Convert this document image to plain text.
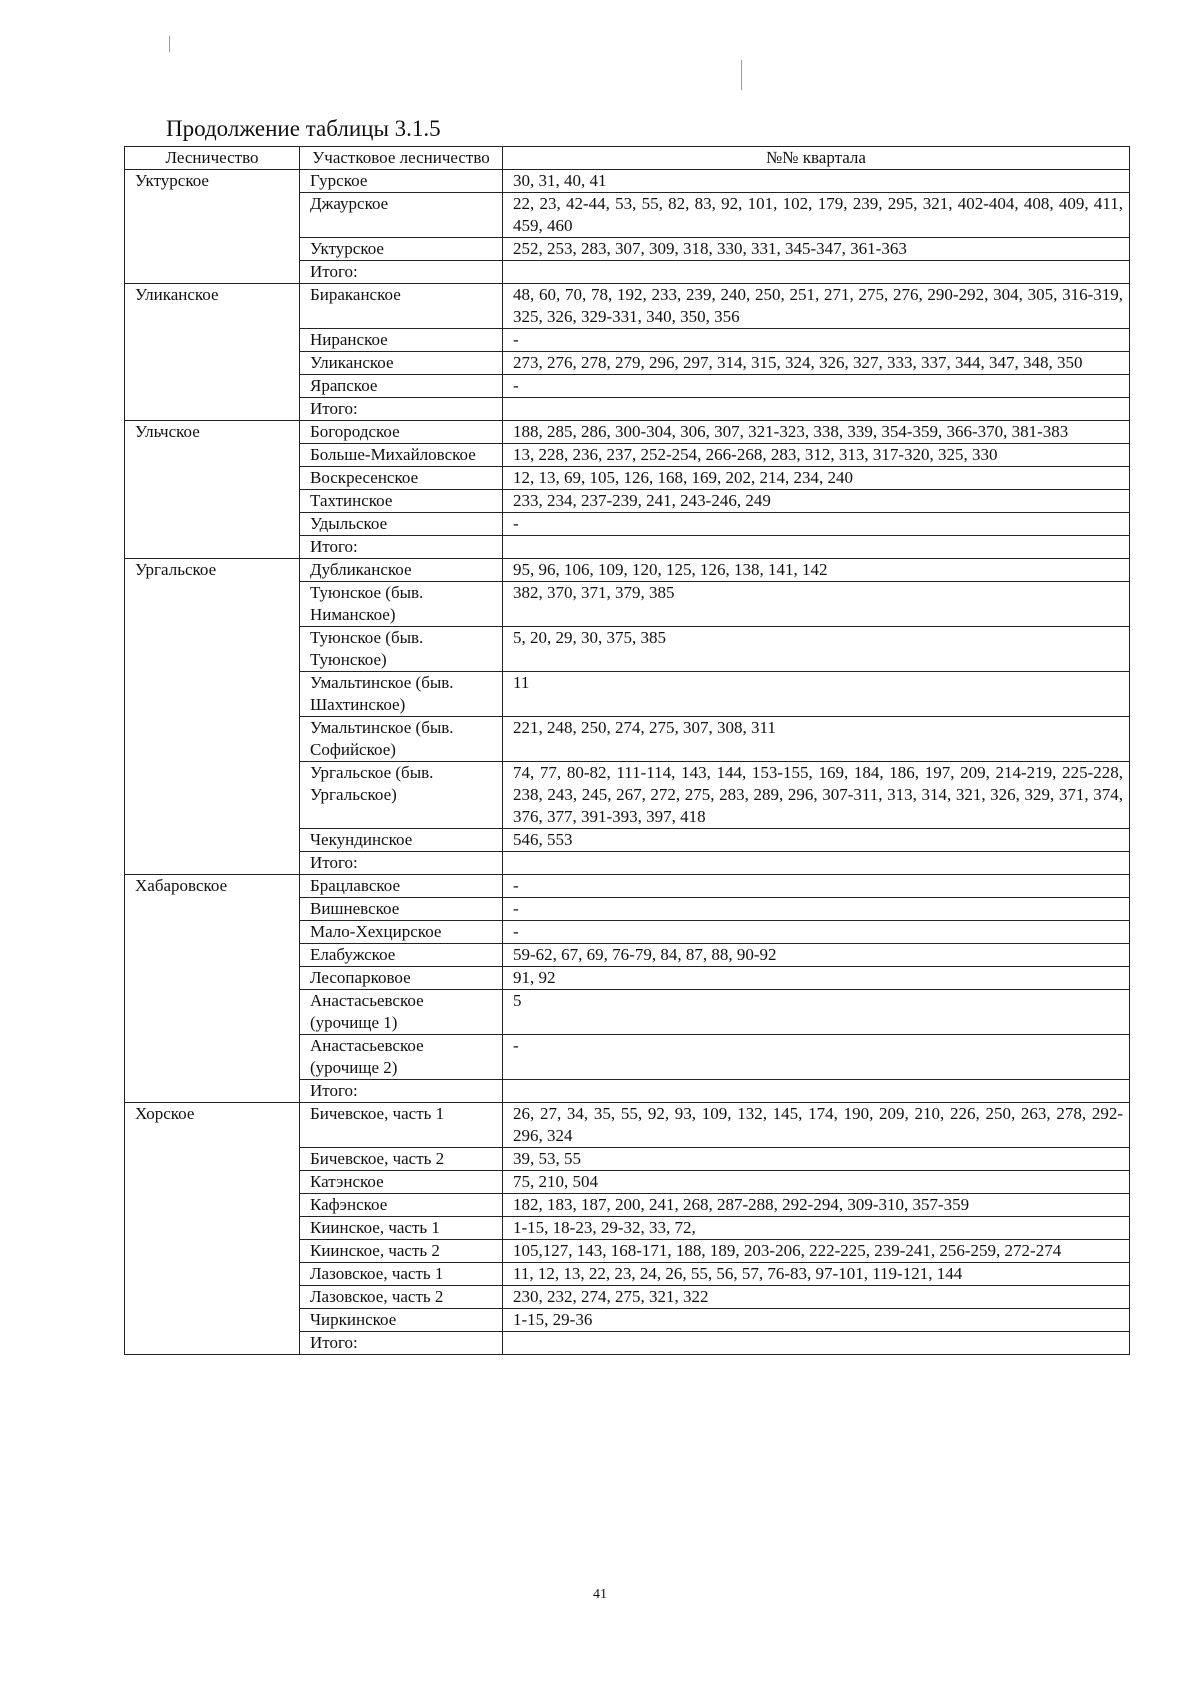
Продолжение таблицы 3.1.5
Лесничество	Участковое лесничество	№№ квартала
Уктурское	Гурское	30, 31, 40, 41
	Джаурское	22, 23, 42-44, 53, 55, 82, 83, 92, 101, 102, 179, 239, 295, 321, 402-404, 408, 409, 411, 459, 460
	Уктурское	252, 253, 283, 307, 309, 318, 330, 331, 345-347, 361-363
	Итого:	
Уликанское	Бираканское	48, 60, 70, 78, 192, 233, 239, 240, 250, 251, 271, 275, 276, 290-292, 304, 305, 316-319, 325, 326, 329-331, 340, 350, 356
	Ниранское	-
	Уликанское	273, 276, 278, 279, 296, 297, 314, 315, 324, 326, 327, 333, 337, 344, 347, 348, 350
	Ярапское	-
	Итого:	
Ульчское	Богородское	188, 285, 286, 300-304, 306, 307, 321-323, 338, 339, 354-359, 366-370, 381-383
	Больше-Михайловское	13, 228, 236, 237, 252-254, 266-268, 283, 312, 313, 317-320, 325, 330
	Воскресенское	12, 13, 69, 105, 126, 168, 169, 202, 214, 234, 240
	Тахтинское	233, 234, 237-239, 241, 243-246, 249
	Удыльское	-
	Итого:	
Ургальское	Дубликанское	95, 96, 106, 109, 120, 125, 126, 138, 141, 142
	Туюнское (быв. Ниманское)	382, 370, 371, 379, 385
	Туюнское (быв. Туюнское)	5, 20, 29, 30, 375, 385
	Умальтинское (быв. Шахтинское)	11
	Умальтинское (быв. Софийское)	221, 248, 250, 274, 275, 307, 308, 311
	Ургальское (быв. Ургальское)	74, 77, 80-82, 111-114, 143, 144, 153-155, 169, 184, 186, 197, 209, 214-219, 225-228, 238, 243, 245, 267, 272, 275, 283, 289, 296, 307-311, 313, 314, 321, 326, 329, 371, 374, 376, 377, 391-393, 397, 418
	Чекундинское	546, 553
	Итого:	
Хабаровское	Брацлавское	-
	Вишневское	-
	Мало-Хехцирское	-
	Елабужское	59-62, 67, 69, 76-79, 84, 87, 88, 90-92
	Лесопарковое	91, 92
	Анастасьевское (урочище 1)	5
	Анастасьевское (урочище 2)	-
	Итого:	
Хорское	Бичевское, часть 1	26, 27, 34, 35, 55, 92, 93, 109, 132, 145, 174, 190, 209, 210, 226, 250, 263, 278, 292-296, 324
	Бичевское, часть 2	39, 53, 55
	Катэнское	75, 210, 504
	Кафэнское	182, 183, 187, 200, 241, 268, 287-288, 292-294, 309-310, 357-359
	Киинское, часть 1	1-15, 18-23, 29-32, 33, 72,
	Киинское, часть 2	105,127, 143, 168-171, 188, 189, 203-206, 222-225, 239-241, 256-259, 272-274
	Лазовское, часть 1	11, 12, 13, 22, 23, 24, 26, 55, 56, 57, 76-83, 97-101, 119-121, 144
	Лазовское, часть 2	230, 232, 274, 275, 321, 322
	Чиркинское	1-15, 29-36
	Итого:	
41
